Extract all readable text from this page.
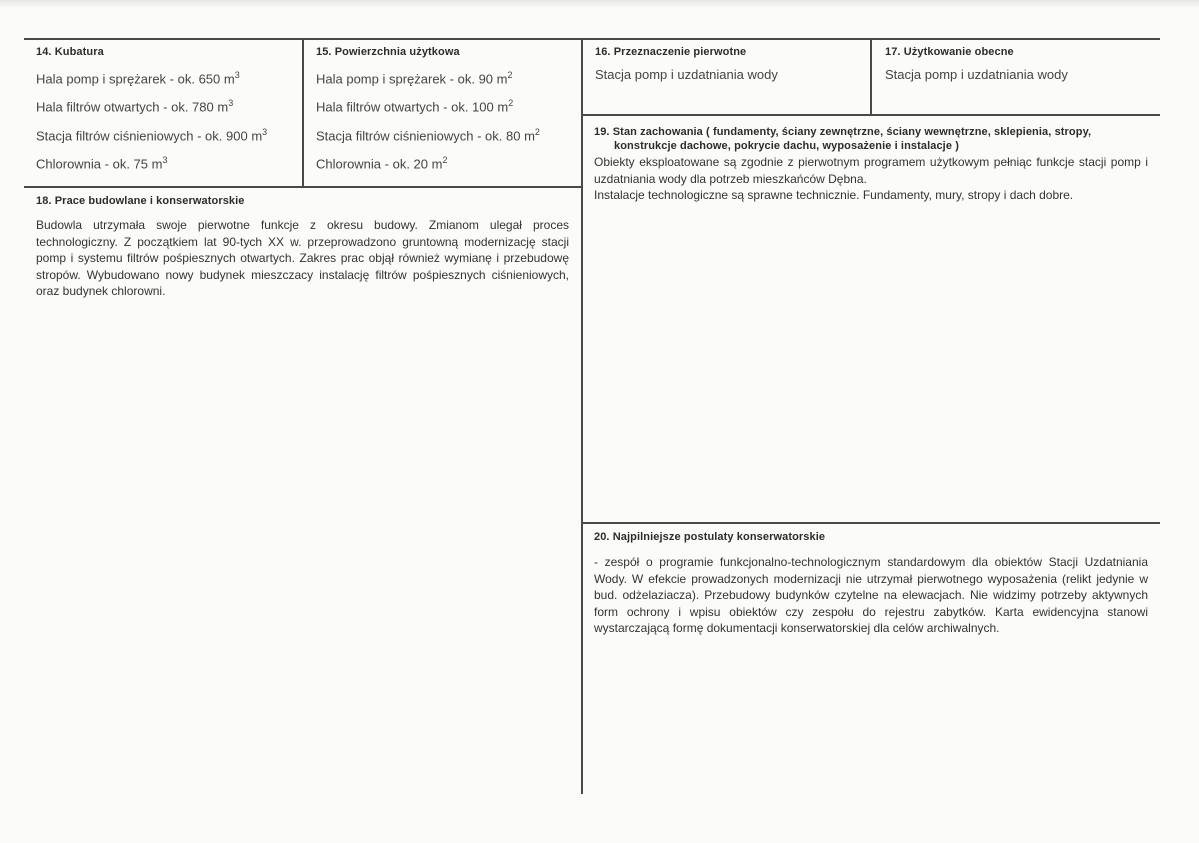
14. Kubatura
Hala pomp i sprężarek - ok. 650 $m^3$
Hala filtrów otwartych - ok. 780 $m^3$
Stacja filtrów ciśnieniowych - ok. 900 $m^3$
Chlorownia - ok. 75 $m^3$
15. Powierzchnia użytkowa
Hala pomp i sprężarek - ok. 90 $m^2$
Hala filtrów otwartych - ok. 100 $m^2$
Stacja filtrów ciśnieniowych - ok. 80 $m^2$
Chlorownia - ok. 20 $m^2$
16. Przeznaczenie pierwotne
Stacja pomp i uzdatniania wody
17. Użytkowanie obecne
Stacja pomp i uzdatniania wody
18. Prace budowlane i konserwatorskie
Budowla utrzymała swoje pierwotne funkcje z okresu budowy. Zmianom ulegał proces technologiczny. Z początkiem lat 90-tych XX w. przeprowadzono gruntowną modernizację stacji pomp i systemu filtrów pośpiesznych otwartych. Zakres prac objął również wymianę i przebudowę stropów. Wybudowano nowy budynek mieszczacy instalację filtrów pośpiesznych ciśnieniowych, oraz budynek chlorowni.
19. Stan zachowania ( fundamenty, ściany zewnętrzne, ściany wewnętrzne, sklepienia, stropy,
konstrukcje dachowe, pokrycie dachu, wyposażenie i instalacje )

Obiekty eksploatowane są zgodnie z pierwotnym programem użytkowym pełniąc funkcje stacji pomp i uzdatniania wody dla potrzeb mieszkańców Dębna.

Instalacje technologiczne są sprawne technicznie. Fundamenty, mury, stropy i dach dobre.

20. Najpilniejsze postulaty konserwatorskie
- zespół o programie funkcjonalno-technologicznym standardowym dla obiektów Stacji Uzdatniania Wody. W efekcie prowadzonych modernizacji nie utrzymał pierwotnego wyposażenia (relikt jedynie w bud. odżelaziacza). Przebudowy budynków czytelne na elewacjach. Nie widzimy potrzeby aktywnych form ochrony i wpisu obiektów czy zespołu do rejestru zabytków. Karta ewidencyjna stanowi wystarczającą formę dokumentacji konserwatorskiej dla celów archiwalnych.
